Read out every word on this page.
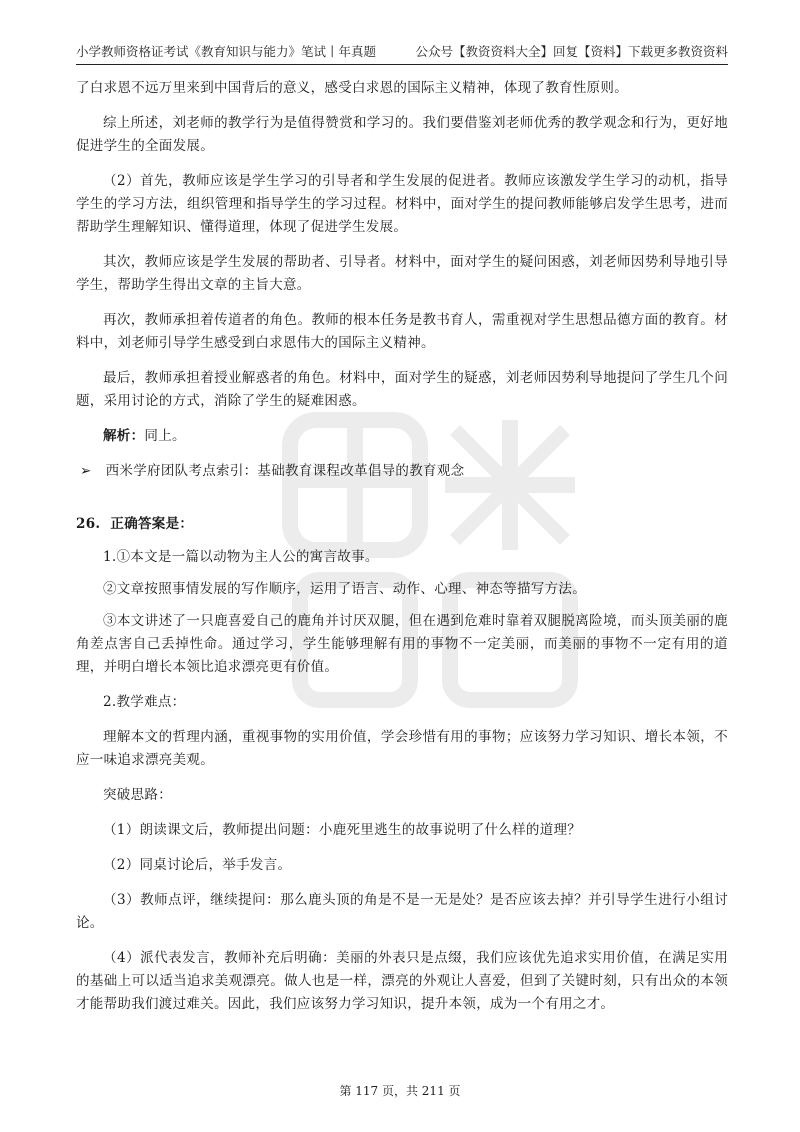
小学教师资格证考试《教育知识与能力》笔试丨年真题	公众号【教资资料大全】回复【资料】下载更多教资资料

了白求恩不远万里来到中国背后的意义，感受白求恩的国际主义精神，体现了教育性原则。

综上所述，刘老师的教学行为是值得赞赏和学习的。我们要借鉴刘老师优秀的教学观念和行为，更好地促进学生的全面发展。

（2）首先，教师应该是学生学习的引导者和学生发展的促进者。教师应该激发学生学习的动机，指导学生的学习方法，组织管理和指导学生的学习过程。材料中，面对学生的提问教师能够启发学生思考，进而帮助学生理解知识、懂得道理，体现了促进学生发展。

其次，教师应该是学生发展的帮助者、引导者。材料中，面对学生的疑问困惑，刘老师因势利导地引导学生，帮助学生得出文章的主旨大意。

再次，教师承担着传道者的角色。教师的根本任务是教书育人，需重视对学生思想品德方面的教育。材料中，刘老师引导学生感受到白求恩伟大的国际主义精神。

最后，教师承担着授业解惑者的角色。材料中，面对学生的疑惑，刘老师因势利导地提问了学生几个问题，采用讨论的方式，消除了学生的疑难困惑。

解析：同上。

➢ 西米学府团队考点索引：基础教育课程改革倡导的教育观念
26. 正确答案是：

1.①本文是一篇以动物为主人公的寓言故事。

②文章按照事情发展的写作顺序，运用了语言、动作、心理、神态等描写方法。

③本文讲述了一只鹿喜爱自己的鹿角并讨厌双腿，但在遇到危难时靠着双腿脱离险境，而头顶美丽的鹿角差点害自己丢掉性命。通过学习，学生能够理解有用的事物不一定美丽，而美丽的事物不一定有用的道理，并明白增长本领比追求漂亮更有价值。

2.教学难点：

理解本文的哲理内涵，重视事物的实用价值，学会珍惜有用的事物；应该努力学习知识、增长本领，不应一味追求漂亮美观。

突破思路：

（1）朗读课文后，教师提出问题：小鹿死里逃生的故事说明了什么样的道理？

（2）同桌讨论后，举手发言。

（3）教师点评，继续提问：那么鹿头顶的角是不是一无是处？是否应该去掉？并引导学生进行小组讨论。

（4）派代表发言，教师补充后明确：美丽的外表只是点缀，我们应该优先追求实用价值，在满足实用的基础上可以适当追求美观漂亮。做人也是一样，漂亮的外观让人喜爱，但到了关键时刻，只有出众的本领才能帮助我们渡过难关。因此，我们应该努力学习知识，提升本领，成为一个有用之才。

第 117 页，共 211 页
